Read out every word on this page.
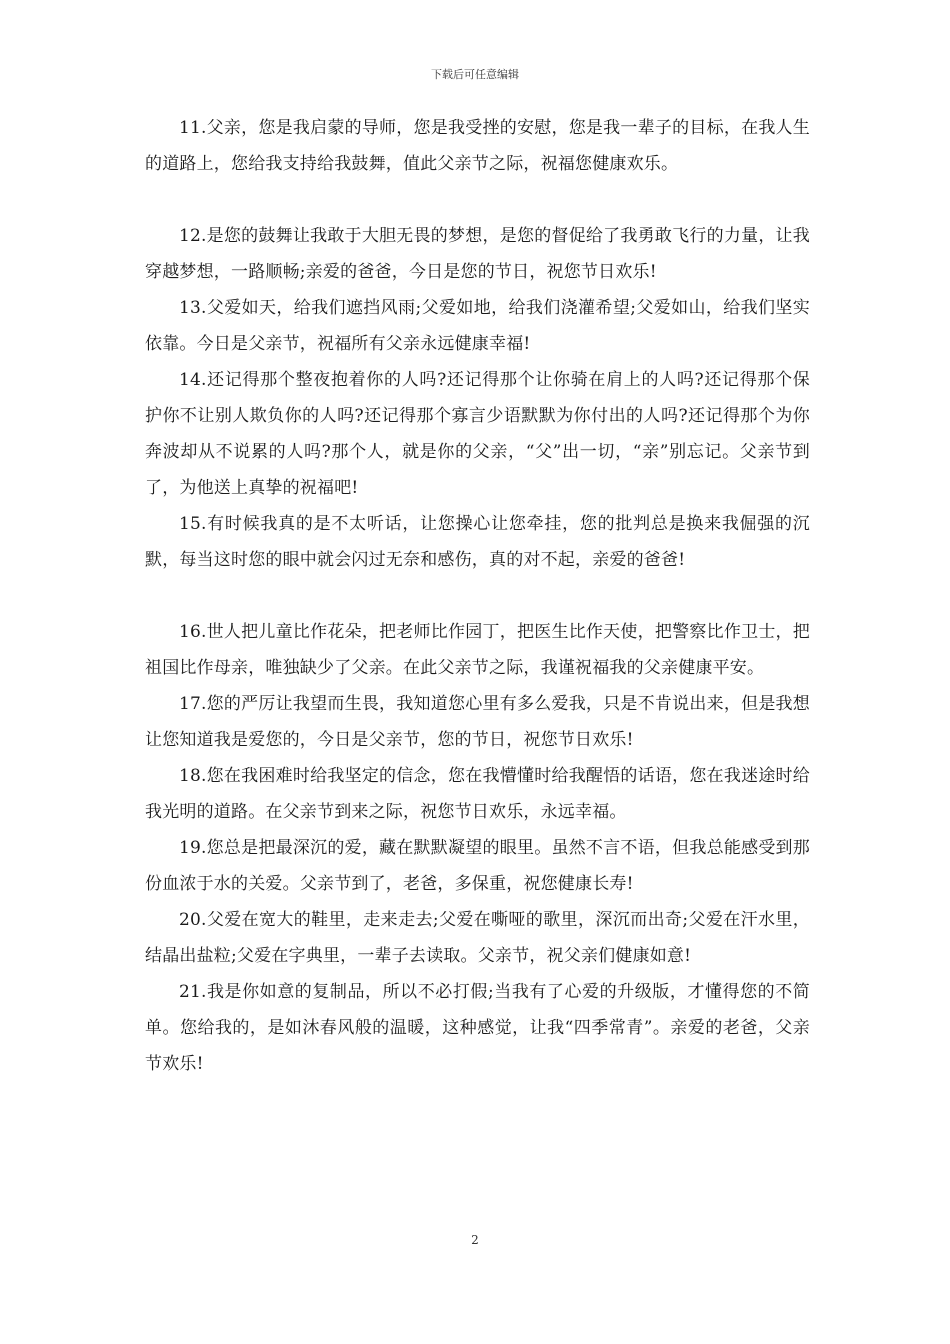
下载后可任意编辑

11.父亲，您是我启蒙的导师，您是我受挫的安慰，您是我一辈子的目标，在我人生的道路上，您给我支持给我鼓舞，值此父亲节之际，祝福您健康欢乐。

12.是您的鼓舞让我敢于大胆无畏的梦想，是您的督促给了我勇敢飞行的力量，让我穿越梦想，一路顺畅;亲爱的爸爸，今日是您的节日，祝您节日欢乐!

13.父爱如天，给我们遮挡风雨;父爱如地，给我们浇灌希望;父爱如山，给我们坚实依靠。今日是父亲节，祝福所有父亲永远健康幸福!

14.还记得那个整夜抱着你的人吗?还记得那个让你骑在肩上的人吗?还记得那个保护你不让别人欺负你的人吗?还记得那个寡言少语默默为你付出的人吗?还记得那个为你奔波却从不说累的人吗?那个人，就是你的父亲，“父”出一切，“亲”别忘记。父亲节到了，为他送上真挚的祝福吧!

15.有时候我真的是不太听话，让您操心让您牵挂，您的批判总是换来我倔强的沉默，每当这时您的眼中就会闪过无奈和感伤，真的对不起，亲爱的爸爸!

16.世人把儿童比作花朵，把老师比作园丁，把医生比作天使，把警察比作卫士，把祖国比作母亲，唯独缺少了父亲。在此父亲节之际，我谨祝福我的父亲健康平安。

17.您的严厉让我望而生畏，我知道您心里有多么爱我，只是不肯说出来，但是我想让您知道我是爱您的，今日是父亲节，您的节日，祝您节日欢乐!

18.您在我困难时给我坚定的信念，您在我懵懂时给我醒悟的话语，您在我迷途时给我光明的道路。在父亲节到来之际，祝您节日欢乐，永远幸福。

19.您总是把最深沉的爱，藏在默默凝望的眼里。虽然不言不语，但我总能感受到那份血浓于水的关爱。父亲节到了，老爸，多保重，祝您健康长寿!

20.父爱在宽大的鞋里，走来走去;父爱在嘶哑的歌里，深沉而出奇;父爱在汗水里，结晶出盐粒;父爱在字典里，一辈子去读取。父亲节，祝父亲们健康如意!

21.我是你如意的复制品，所以不必打假;当我有了心爱的升级版，才懂得您的不简单。您给我的，是如沐春风般的温暖，这种感觉，让我“四季常青”。亲爱的老爸，父亲节欢乐!

2
